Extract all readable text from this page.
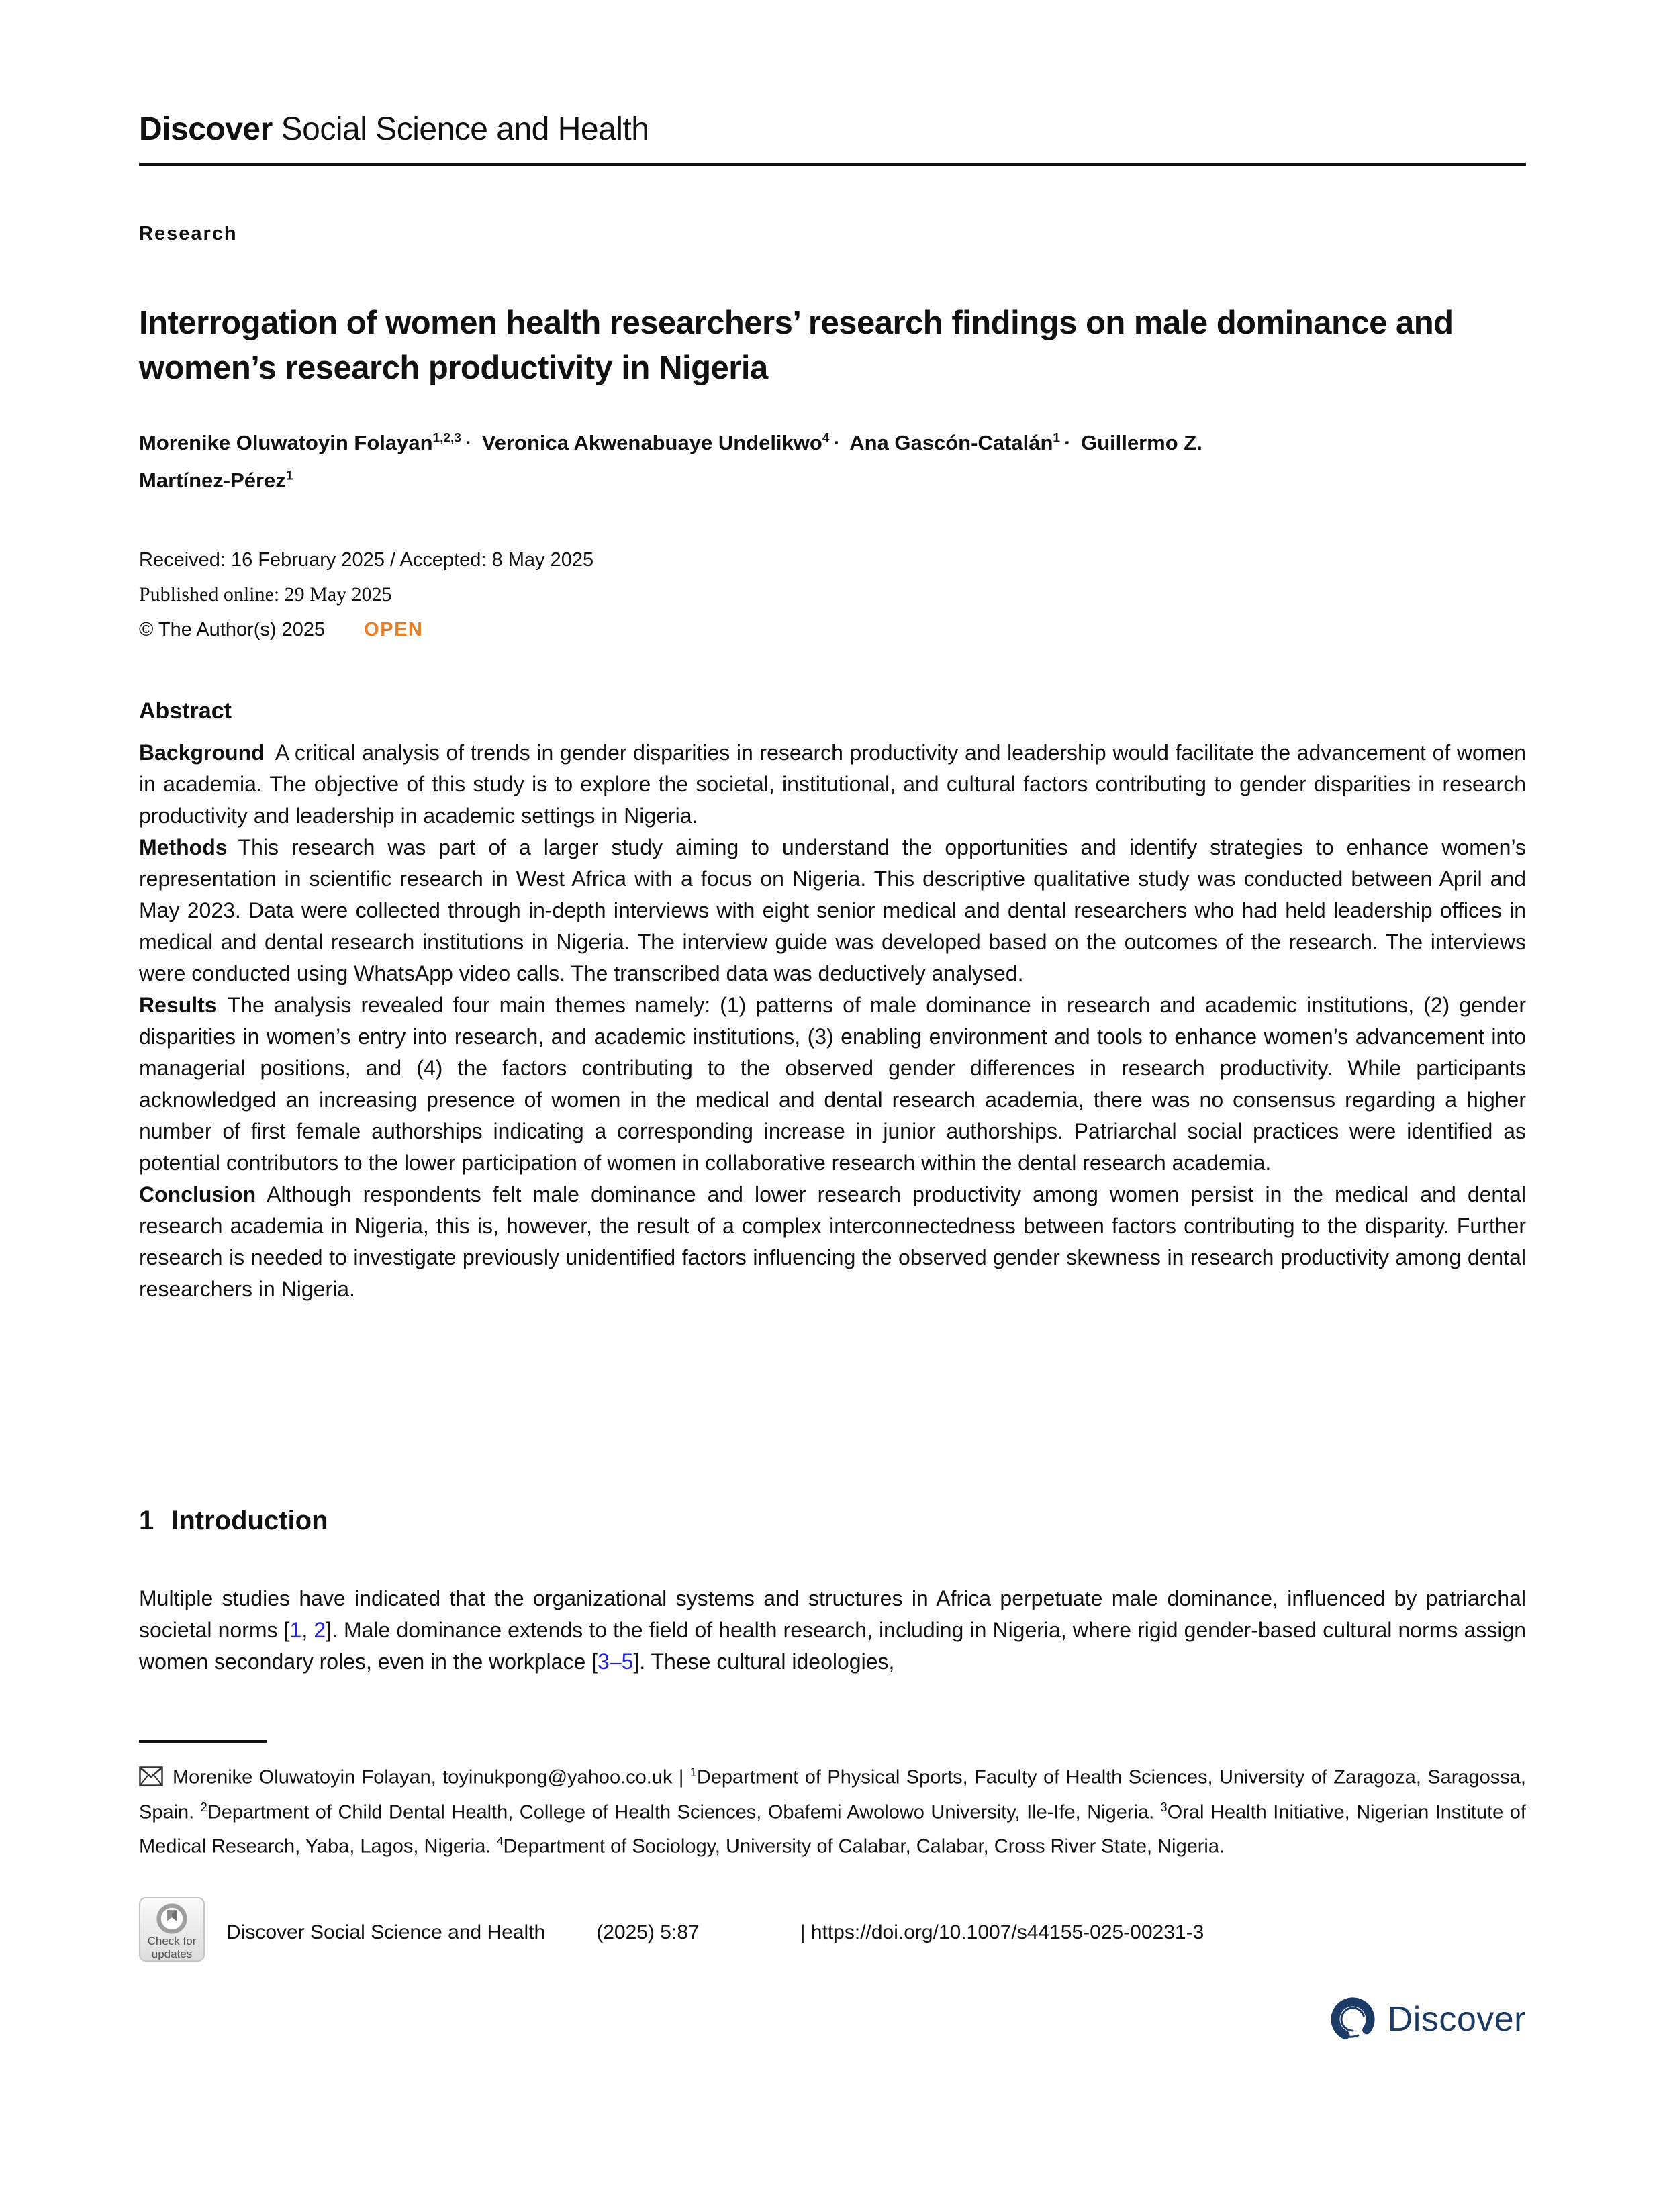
Discover Social Science and Health
Research
Interrogation of women health researchers’ research findings on male dominance and women’s research productivity in Nigeria

Morenike Oluwatoyin Folayan$^{1,2,3}$ · Veronica Akwenabuaye Undelikwo$^4$ · Ana Gascón-Catalán$^1$ · Guillermo Z. Martínez-Pérez$^1$

Received: 16 February 2025 / Accepted: 8 May 2025
Published online: 29 May 2025
© The Author(s) 2025 OPEN
Abstract

Background A critical analysis of trends in gender disparities in research productivity and leadership would facilitate the advancement of women in academia. The objective of this study is to explore the societal, institutional, and cultural factors contributing to gender disparities in research productivity and leadership in academic settings in Nigeria.

Methods This research was part of a larger study aiming to understand the opportunities and identify strategies to enhance women’s representation in scientific research in West Africa with a focus on Nigeria. This descriptive qualitative study was conducted between April and May 2023. Data were collected through in-depth interviews with eight senior medical and dental researchers who had held leadership offices in medical and dental research institutions in Nigeria. The interview guide was developed based on the outcomes of the research. The interviews were conducted using WhatsApp video calls. The transcribed data was deductively analysed.

Results The analysis revealed four main themes namely: (1) patterns of male dominance in research and academic institutions, (2) gender disparities in women’s entry into research, and academic institutions, (3) enabling environment and tools to enhance women’s advancement into managerial positions, and (4) the factors contributing to the observed gender differences in research productivity. While participants acknowledged an increasing presence of women in the medical and dental research academia, there was no consensus regarding a higher number of first female authorships indicating a corresponding increase in junior authorships. Patriarchal social practices were identified as potential contributors to the lower participation of women in collaborative research within the dental research academia.

Conclusion Although respondents felt male dominance and lower research productivity among women persist in the medical and dental research academia in Nigeria, this is, however, the result of a complex interconnectedness between factors contributing to the disparity. Further research is needed to investigate previously unidentified factors influencing the observed gender skewness in research productivity among dental researchers in Nigeria.

1 Introduction

Multiple studies have indicated that the organizational systems and structures in Africa perpetuate male dominance, influenced by patriarchal societal norms [1, 2]. Male dominance extends to the field of health research, including in Nigeria, where rigid gender-based cultural norms assign women secondary roles, even in the workplace [3–5]. These cultural ideologies,

Morenike Oluwatoyin Folayan, toyinukpong@yahoo.co.uk | $^1$Department of Physical Sports, Faculty of Health Sciences, University of Zaragoza, Saragossa, Spain. $^2$Department of Child Dental Health, College of Health Sciences, Obafemi Awolowo University, Ile-Ife, Nigeria. $^3$Oral Health Initiative, Nigerian Institute of Medical Research, Yaba, Lagos, Nigeria. $^4$Department of Sociology, University of Calabar, Calabar, Cross River State, Nigeria.

Check for
updates
Discover Social Science and Health	(2025) 5:87	| https://doi.org/10.1007/s44155-025-00231-3
Discover
